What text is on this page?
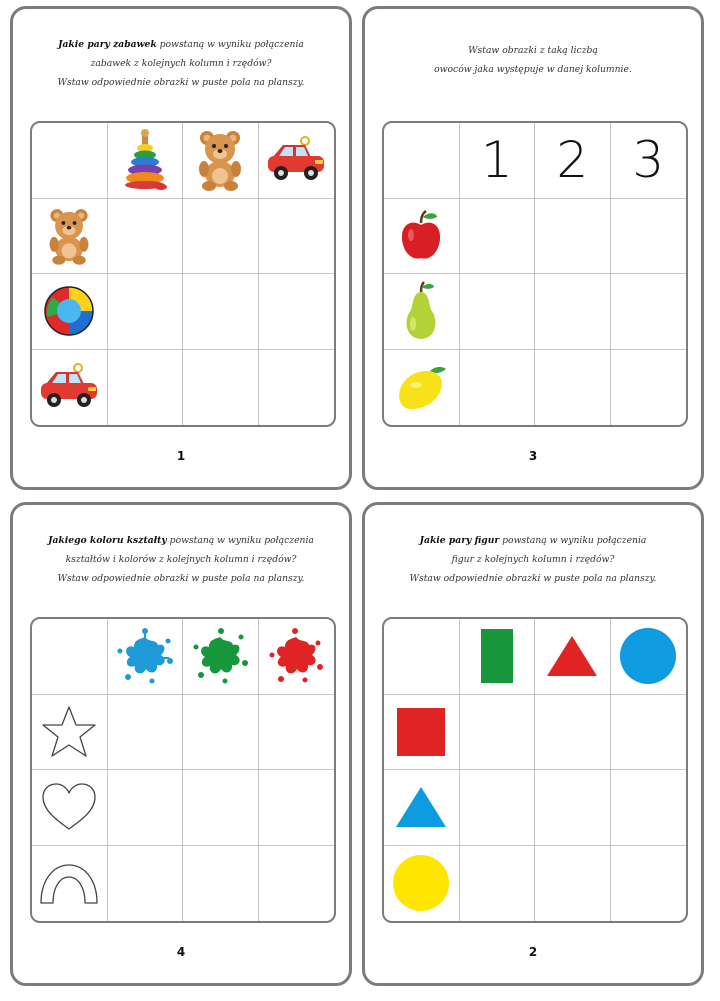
Jakie pary zabawek powstaną w wyniku połączenia
zabawek z kolejnych kolumn i rzędów?
Wstaw odpowiednie obrazki w puste pola na planszy.
1
Wstaw obrazki z taką liczbą
owoców jaka występuje w danej kolumnie.
1 2 3
3
Jakiego koloru kształty powstaną w wyniku połączenia
kształtów i kolorów z kolejnych kolumn i rzędów?
Wstaw odpowiednie obrazki w puste pola na planszy.
4
Jakie pary figur powstaną w wyniku połączenia
figur z kolejnych kolumn i rzędów?
Wstaw odpowiednie obrazki w puste pola na planszy.
2
